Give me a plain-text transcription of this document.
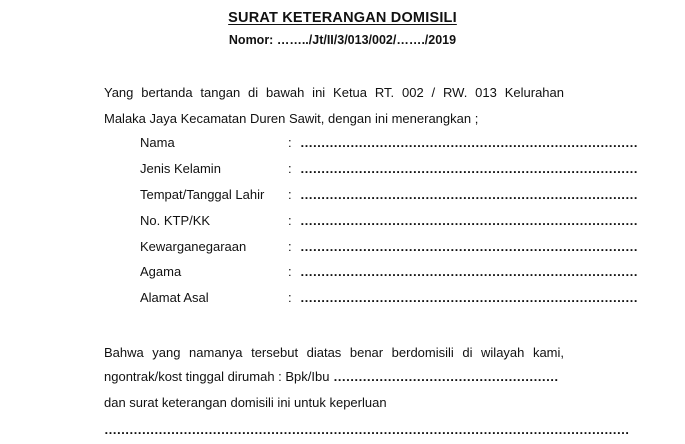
SURAT KETERANGAN DOMISILI
Nomor: ……../Jt/II/3/013/002/……./2019
Yang bertanda tangan di bawah ini Ketua RT. 002 / RW. 013 Kelurahan
Malaka Jaya Kecamatan Duren Sawit, dengan ini menerangkan ;
Nama	: ………………………………………………………………………
Jenis Kelamin	: ………………………………………………………………………
Tempat/Tanggal Lahir : ………………………………………………………………………
No. KTP/KK	: ………………………………………………………………………
Kewarganegaraan	: ………………………………………………………………………
Agama	: ………………………………………………………………………
Alamat Asal	: ………………………………………………………………………
Bahwa yang namanya tersebut diatas benar berdomisili di wilayah kami,
ngontrak/kost tinggal dirumah : Bpk/Ibu ………………………………………………
dan surat keterangan domisili ini untuk keperluan
………………………………………………………………………………………………………………
